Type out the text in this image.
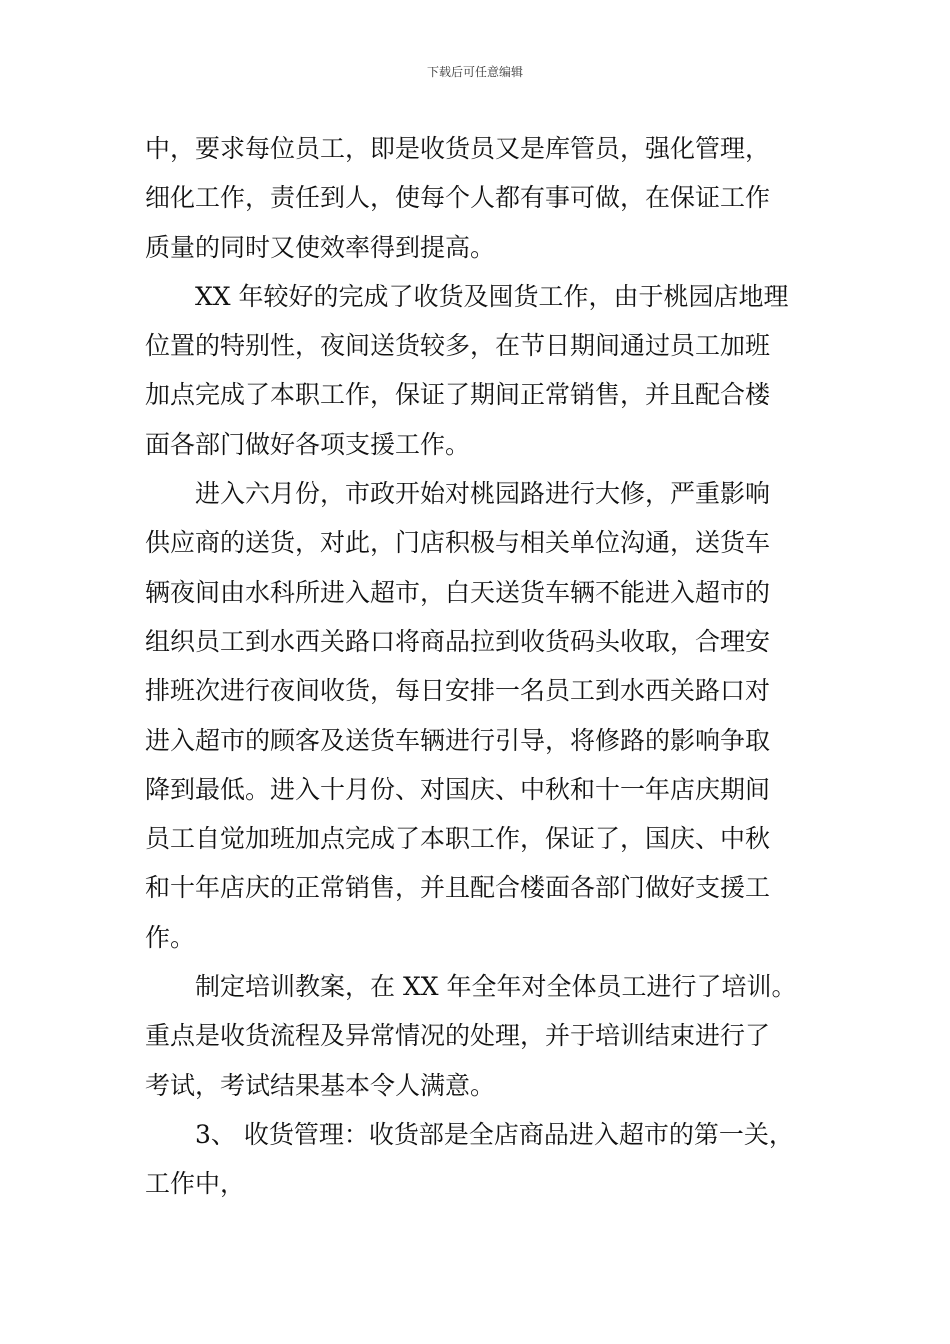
下载后可任意编辑
中，要求每位员工，即是收货员又是库管员，强化管理，
细化工作，责任到人，使每个人都有事可做，在保证工作
质量的同时又使效率得到提高。
XX 年较好的完成了收货及囤货工作，由于桃园店地理
位置的特别性，夜间送货较多，在节日期间通过员工加班
加点完成了本职工作，保证了期间正常销售，并且配合楼
面各部门做好各项支援工作。
进入六月份，市政开始对桃园路进行大修，严重影响
供应商的送货，对此，门店积极与相关单位沟通，送货车
辆夜间由水科所进入超市，白天送货车辆不能进入超市的
组织员工到水西关路口将商品拉到收货码头收取，合理安
排班次进行夜间收货，每日安排一名员工到水西关路口对
进入超市的顾客及送货车辆进行引导，将修路的影响争取
降到最低。进入十月份、对国庆、中秋和十一年店庆期间
员工自觉加班加点完成了本职工作，保证了，国庆、中秋
和十年店庆的正常销售，并且配合楼面各部门做好支援工
作。
制定培训教案，在 XX 年全年对全体员工进行了培训。
重点是收货流程及异常情况的处理，并于培训结束进行了
考试，考试结果基本令人满意。
3、 收货管理：收货部是全店商品进入超市的第一关，
工作中，
